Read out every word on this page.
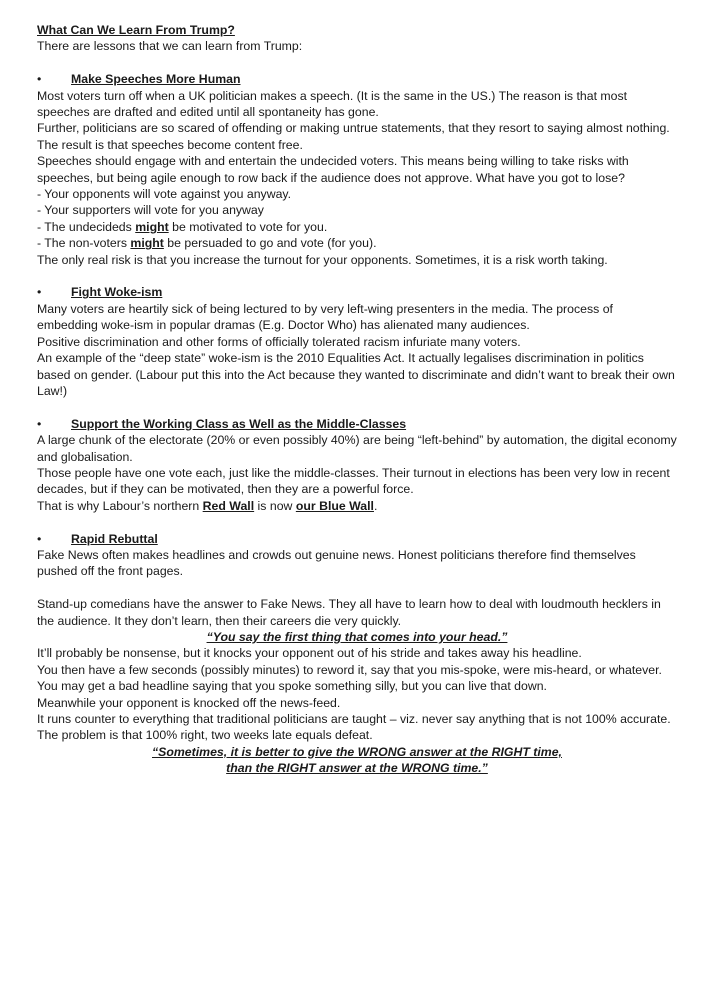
What Can We Learn From Trump?

There are lessons that we can learn from Trump:

• Make Speeches More Human

Most voters turn off when a UK politician makes a speech. (It is the same in the US.) The reason is that most speeches are drafted and edited until all spontaneity has gone.

Further, politicians are so scared of offending or making untrue statements, that they resort to saying almost nothing.

The result is that speeches become content free.

Speeches should engage with and entertain the undecided voters. This means being willing to take risks with speeches, but being agile enough to row back if the audience does not approve. What have you got to lose?

- Your opponents will vote against you anyway.

- Your supporters will vote for you anyway

- The undecideds might be motivated to vote for you.

- The non-voters might be persuaded to go and vote (for you).

The only real risk is that you increase the turnout for your opponents. Sometimes, it is a risk worth taking.

• Fight Woke-ism

Many voters are heartily sick of being lectured to by very left-wing presenters in the media. The process of embedding woke-ism in popular dramas (E.g. Doctor Who) has alienated many audiences.

Positive discrimination and other forms of officially tolerated racism infuriate many voters.

An example of the “deep state” woke-ism is the 2010 Equalities Act. It actually legalises discrimination in politics based on gender. (Labour put this into the Act because they wanted to discriminate and didn’t want to break their own Law!)

• Support the Working Class as Well as the Middle-Classes

A large chunk of the electorate (20% or even possibly 40%) are being “left-behind” by automation, the digital economy and globalisation.

Those people have one vote each, just like the middle-classes. Their turnout in elections has been very low in recent decades, but if they can be motivated, then they are a powerful force.

That is why Labour’s northern Red Wall is now our Blue Wall.

• Rapid Rebuttal

Fake News often makes headlines and crowds out genuine news. Honest politicians therefore find themselves pushed off the front pages.

Stand-up comedians have the answer to Fake News. They all have to learn how to deal with loudmouth hecklers in the audience. It they don’t learn, then their careers die very quickly.

“You say the first thing that comes into your head.”

It’ll probably be nonsense, but it knocks your opponent out of his stride and takes away his headline.

You then have a few seconds (possibly minutes) to reword it, say that you mis-spoke, were mis-heard, or whatever.

You may get a bad headline saying that you spoke something silly, but you can live that down.

Meanwhile your opponent is knocked off the news-feed.

It runs counter to everything that traditional politicians are taught – viz. never say anything that is not 100% accurate. The problem is that 100% right, two weeks late equals defeat.

“Sometimes, it is better to give the WRONG answer at the RIGHT time,

than the RIGHT answer at the WRONG time.”
